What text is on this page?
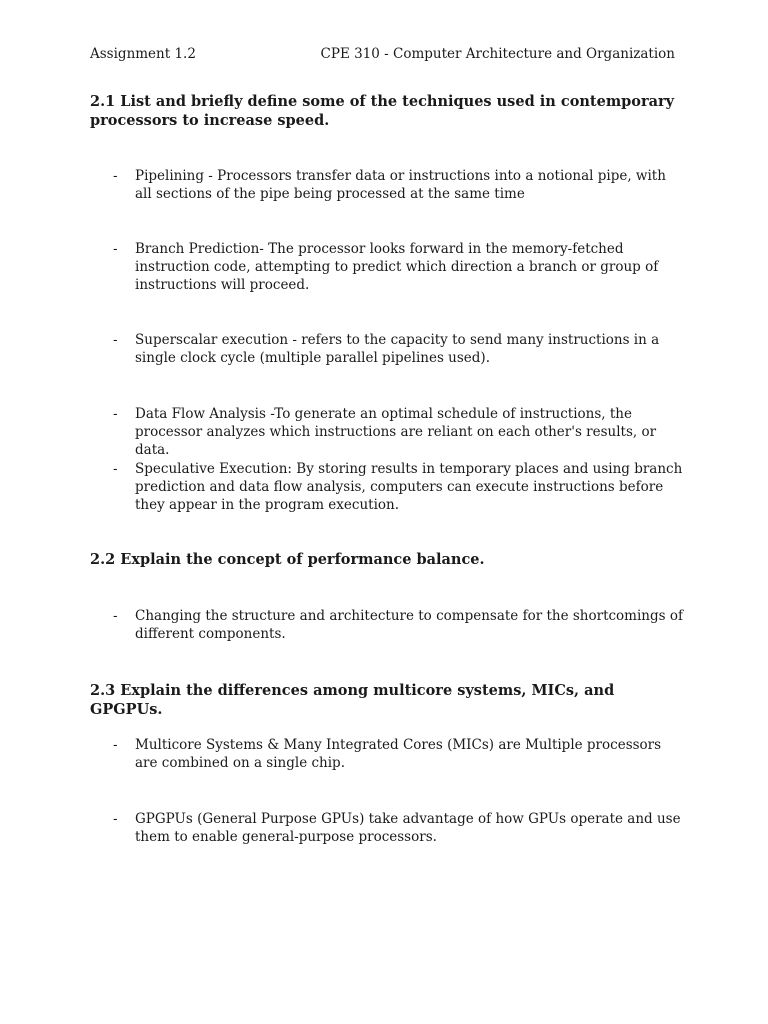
Assignment 1.2	CPE 310 - Computer Architecture and Organization
2.1 List and briefly define some of the techniques used in contemporary processors to increase speed.
- Pipelining - Processors transfer data or instructions into a notional pipe, with all sections of the pipe being processed at the same time
- Branch Prediction- The processor looks forward in the memory-fetched instruction code, attempting to predict which direction a branch or group of instructions will proceed.
- Superscalar execution - refers to the capacity to send many instructions in a single clock cycle (multiple parallel pipelines used).
- Data Flow Analysis -To generate an optimal schedule of instructions, the processor analyzes which instructions are reliant on each other's results, or data.
- Speculative Execution: By storing results in temporary places and using branch prediction and data flow analysis, computers can execute instructions before they appear in the program execution.
2.2 Explain the concept of performance balance.
- Changing the structure and architecture to compensate for the shortcomings of different components.
2.3 Explain the differences among multicore systems, MICs, and GPGPUs.
- Multicore Systems & Many Integrated Cores (MICs) are Multiple processors are combined on a single chip.
- GPGPUs (General Purpose GPUs) take advantage of how GPUs operate and use them to enable general-purpose processors.
